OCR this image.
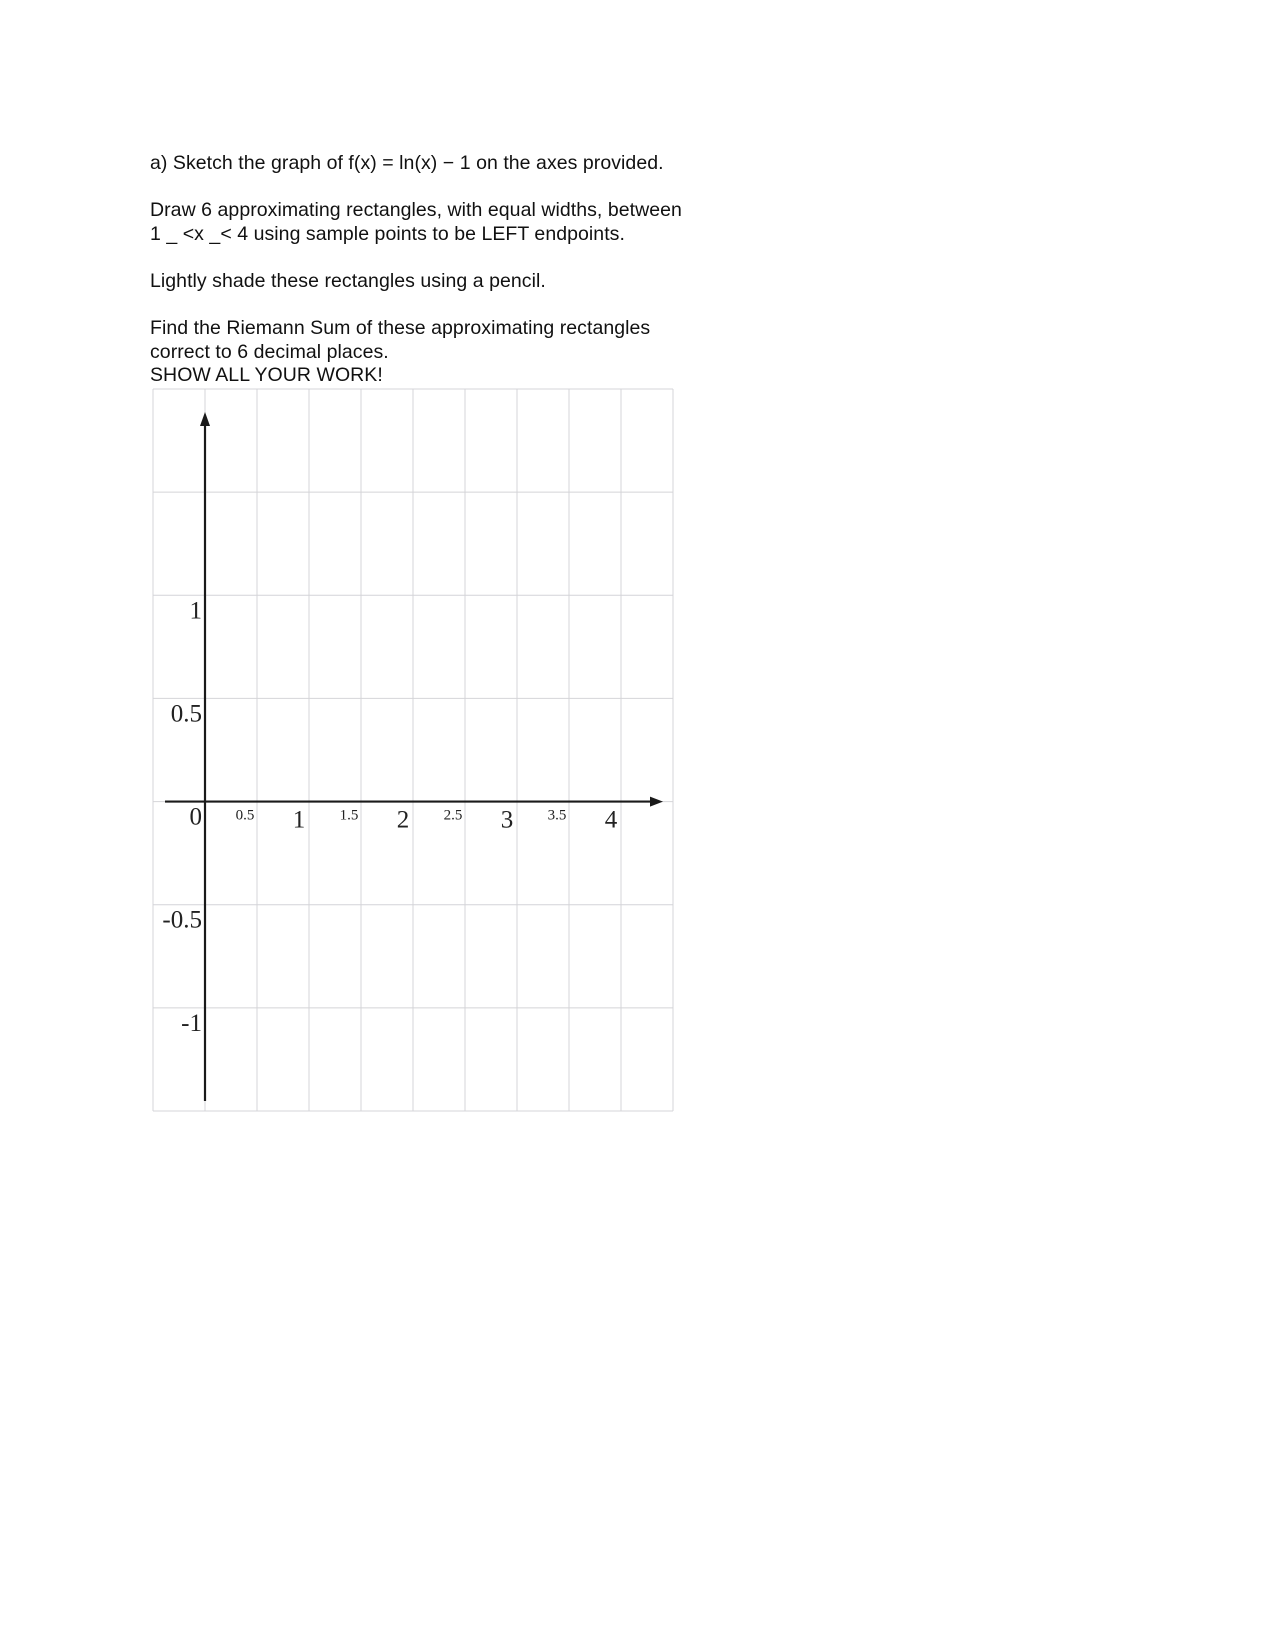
a) Sketch the graph of f(x) = ln(x) − 1 on the axes provided.
Draw 6 approximating rectangles, with equal widths, between
1 _ <x _< 4 using sample points to be LEFT endpoints.
Lightly shade these rectangles using a pencil.
Find the Riemann Sum of these approximating rectangles
correct to 6 decimal places.
SHOW ALL YOUR WORK!
1
0.5
0
-0.5
-1
0.5 1 1.5 2 2.5 3 3.5 4
